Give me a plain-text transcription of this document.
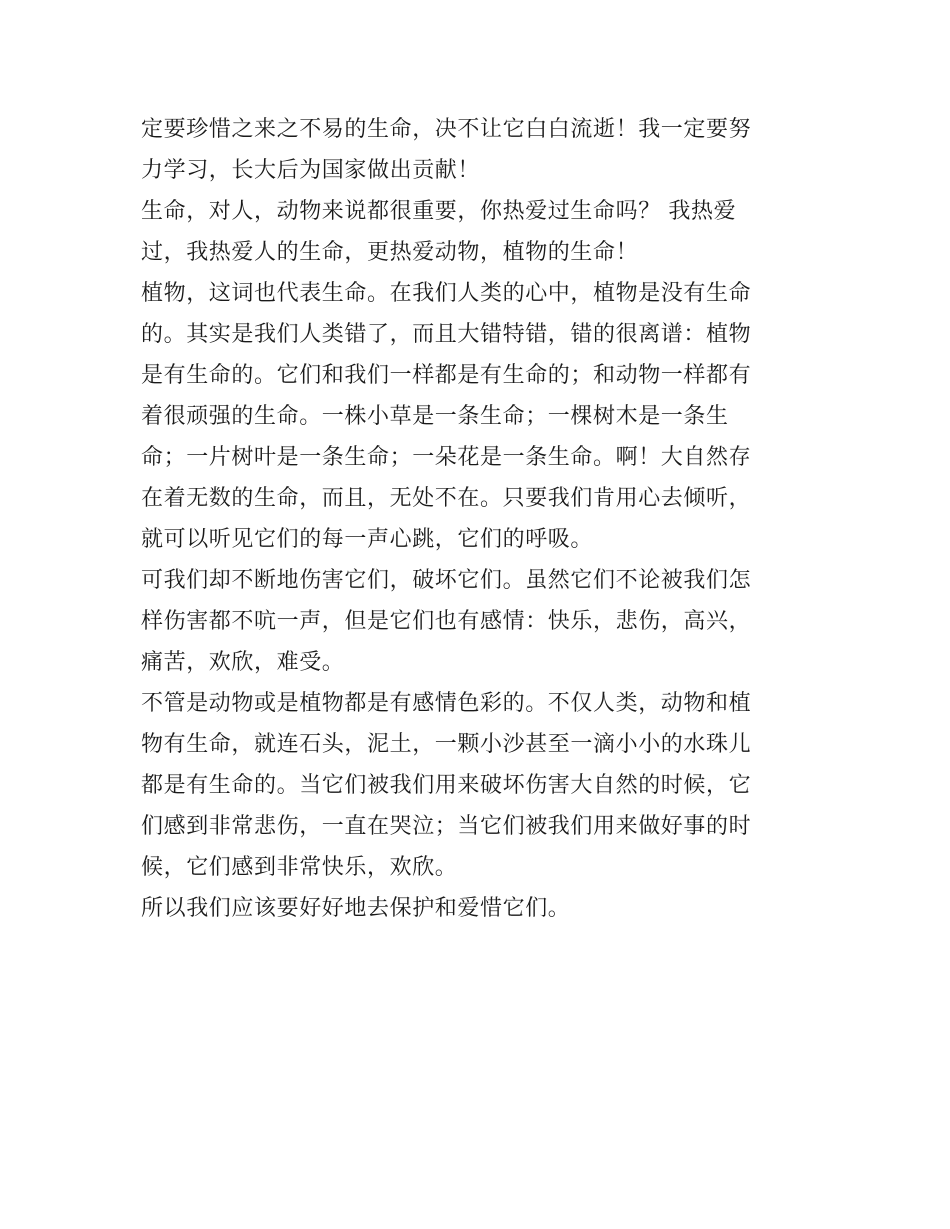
定要珍惜之来之不易的生命，决不让它白白流逝！我一定要努
力学习，长大后为国家做出贡献！

生命，对人，动物来说都很重要，你热爱过生命吗？ 我热爱
过，我热爱人的生命，更热爱动物，植物的生命！

植物，这词也代表生命。在我们人类的心中，植物是没有生命
的。其实是我们人类错了，而且大错特错，错的很离谱：植物
是有生命的。它们和我们一样都是有生命的；和动物一样都有
着很顽强的生命。一株小草是一条生命；一棵树木是一条生
命；一片树叶是一条生命；一朵花是一条生命。啊！大自然存
在着无数的生命，而且，无处不在。只要我们肯用心去倾听，
就可以听见它们的每一声心跳，它们的呼吸。

可我们却不断地伤害它们，破坏它们。虽然它们不论被我们怎
样伤害都不吭一声，但是它们也有感情：快乐，悲伤，高兴，
痛苦，欢欣，难受。

不管是动物或是植物都是有感情色彩的。不仅人类，动物和植
物有生命，就连石头，泥土，一颗小沙甚至一滴小小的水珠儿
都是有生命的。当它们被我们用来破坏伤害大自然的时候，它
们感到非常悲伤，一直在哭泣；当它们被我们用来做好事的时
候，它们感到非常快乐，欢欣。

所以我们应该要好好地去保护和爱惜它们。
